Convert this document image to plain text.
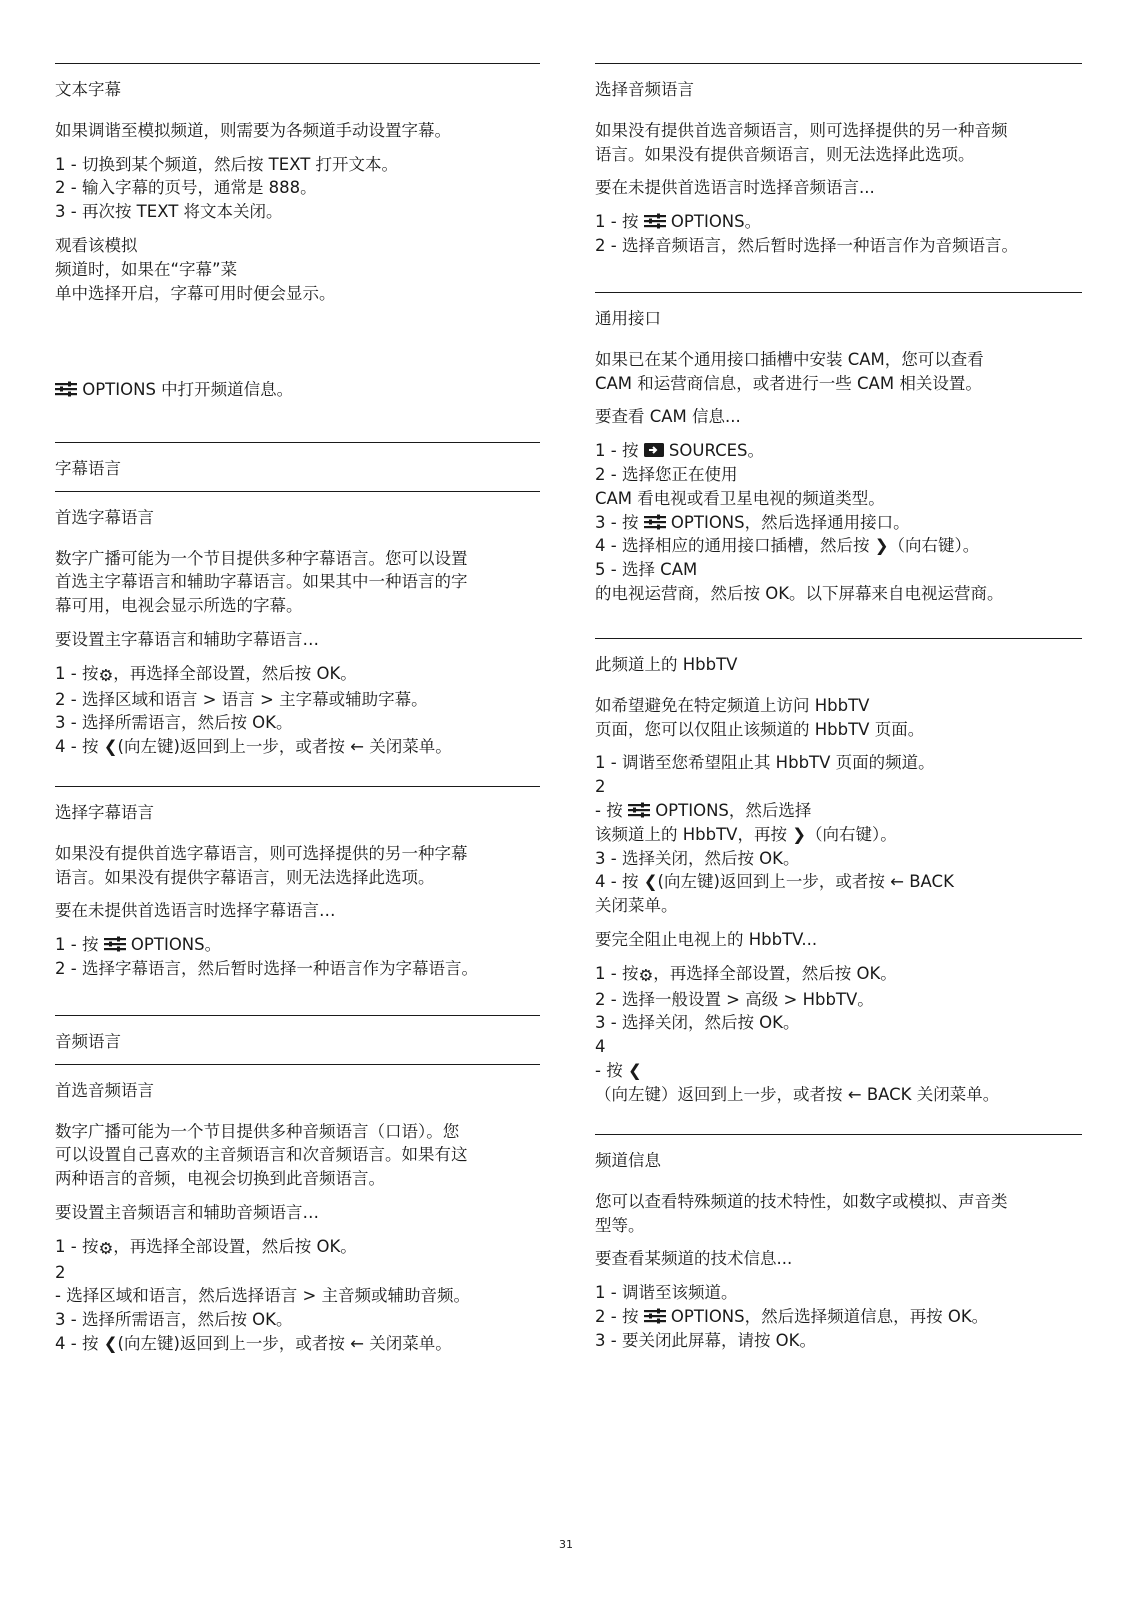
文本字幕
如果调谐至模拟频道，则需要为各频道手动设置字幕。
1 - 切换到某个频道，然后按 TEXT 打开文本。
2 - 输入字幕的页号，通常是 888。
3 - 再次按 TEXT 将文本关闭。
观看该模拟
频道时，如果在“字幕”菜
单中选择开启，字幕可用时便会显示。
OPTIONS 中打开频道信息。
字幕语言
首选字幕语言
数字广播可能为一个节目提供多种字幕语言。您可以设置
首选主字幕语言和辅助字幕语言。如果其中一种语言的字
幕可用，电视会显示所选的字幕。
要设置主字幕语言和辅助字幕语言…
1 - 按⚙，再选择全部设置，然后按 OK。
2 - 选择区域和语言 > 语言 > 主字幕或辅助字幕。
3 - 选择所需语言，然后按 OK。
4 - 按 ❮(向左键)返回到上一步，或者按 ← 关闭菜单。
选择字幕语言
如果没有提供首选字幕语言，则可选择提供的另一种字幕
语言。如果没有提供字幕语言，则无法选择此选项。
要在未提供首选语言时选择字幕语言…
1 - 按  OPTIONS。
2 - 选择字幕语言，然后暂时选择一种语言作为字幕语言。
音频语言
首选音频语言
数字广播可能为一个节目提供多种音频语言（口语）。您
可以设置自己喜欢的主音频语言和次音频语言。如果有这
两种语言的音频，电视会切换到此音频语言。
要设置主音频语言和辅助音频语言…
1 - 按⚙，再选择全部设置，然后按 OK。
2
- 选择区域和语言，然后选择语言 > 主音频或辅助音频。
3 - 选择所需语言，然后按 OK。
4 - 按 ❮(向左键)返回到上一步，或者按 ← 关闭菜单。
选择音频语言
如果没有提供首选音频语言，则可选择提供的另一种音频
语言。如果没有提供音频语言，则无法选择此选项。
要在未提供首选语言时选择音频语言...
1 - 按  OPTIONS。
2 - 选择音频语言，然后暂时选择一种语言作为音频语言。
通用接口
如果已在某个通用接口插槽中安装 CAM，您可以查看
CAM 和运营商信息，或者进行一些 CAM 相关设置。
要查看 CAM 信息...
1 - 按  SOURCES。
2 - 选择您正在使用
CAM 看电视或看卫星电视的频道类型。
3 - 按  OPTIONS，然后选择通用接口。
4 - 选择相应的通用接口插槽，然后按 ❯（向右键）。
5 - 选择 CAM
的电视运营商，然后按 OK。以下屏幕来自电视运营商。
此频道上的 HbbTV
如希望避免在特定频道上访问 HbbTV
页面，您可以仅阻止该频道的 HbbTV 页面。
1 - 调谐至您希望阻止其 HbbTV 页面的频道。
2
- 按  OPTIONS，然后选择
该频道上的 HbbTV，再按 ❯（向右键）。
3 - 选择关闭，然后按 OK。
4 - 按 ❮(向左键)返回到上一步，或者按 ← BACK
关闭菜单。
要完全阻止电视上的 HbbTV...
1 - 按⚙，再选择全部设置，然后按 OK。
2 - 选择一般设置 > 高级 > HbbTV。
3 - 选择关闭，然后按 OK。
4
- 按 ❮
（向左键）返回到上一步，或者按 ← BACK 关闭菜单。
频道信息
您可以查看特殊频道的技术特性，如数字或模拟、声音类
型等。
要查看某频道的技术信息...
1 - 调谐至该频道。
2 - 按  OPTIONS，然后选择频道信息，再按 OK。
3 - 要关闭此屏幕，请按 OK。
31
